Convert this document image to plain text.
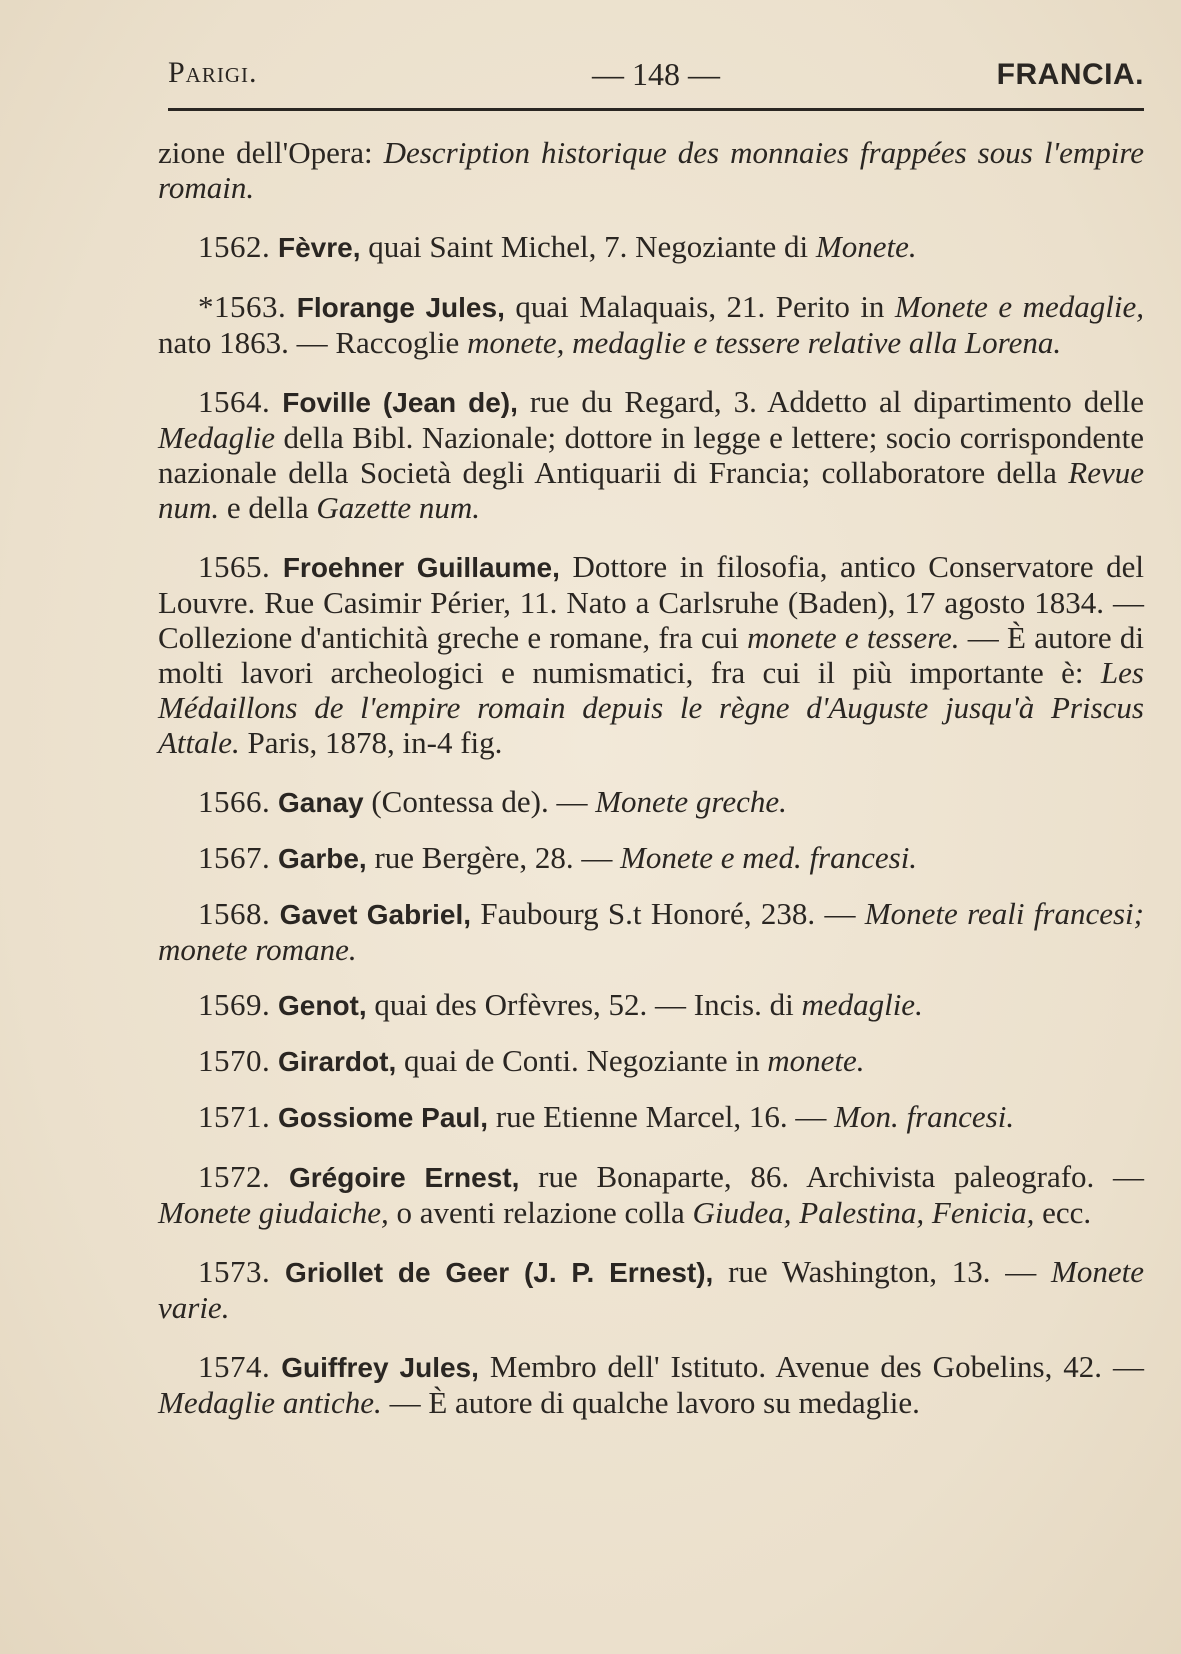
Parigi.	— 148 —	FRANCIA.

zione dell'Opera: Description historique des monnaies frappées sous l'empire romain.

1562. Fèvre, quai Saint Michel, 7. Negoziante di Monete.

*1563. Florange Jules, quai Malaquais, 21. Perito in Monete e medaglie, nato 1863. — Raccoglie monete, medaglie e tessere relative alla Lorena.

1564. Foville (Jean de), rue du Regard, 3. Addetto al dipartimento delle Medaglie della Bibl. Nazionale; dottore in legge e lettere; socio corrispondente nazionale della Società degli Antiquarii di Francia; collaboratore della Revue num. e della Gazette num.

1565. Froehner Guillaume, Dottore in filosofia, antico Conservatore del Louvre. Rue Casimir Périer, 11. Nato a Carlsruhe (Baden), 17 agosto 1834. — Collezione d'antichità greche e romane, fra cui monete e tessere. — È autore di molti lavori archeologici e numismatici, fra cui il più importante è: Les Médaillons de l'empire romain depuis le règne d'Auguste jusqu'à Priscus Attale. Paris, 1878, in-4 fig.

1566. Ganay (Contessa de). — Monete greche.

1567. Garbe, rue Bergère, 28. — Monete e med. francesi.

1568. Gavet Gabriel, Faubourg S.t Honoré, 238. — Monete reali francesi; monete romane.

1569. Genot, quai des Orfèvres, 52. — Incis. di medaglie.

1570. Girardot, quai de Conti. Negoziante in monete.

1571. Gossiome Paul, rue Etienne Marcel, 16. — Mon. francesi.

1572. Grégoire Ernest, rue Bonaparte, 86. Archivista paleografo. — Monete giudaiche, o aventi relazione colla Giudea, Palestina, Fenicia, ecc.

1573. Griollet de Geer (J. P. Ernest), rue Washington, 13. — Monete varie.

1574. Guiffrey Jules, Membro dell' Istituto. Avenue des Gobelins, 42. — Medaglie antiche. — È autore di qualche lavoro su medaglie.
